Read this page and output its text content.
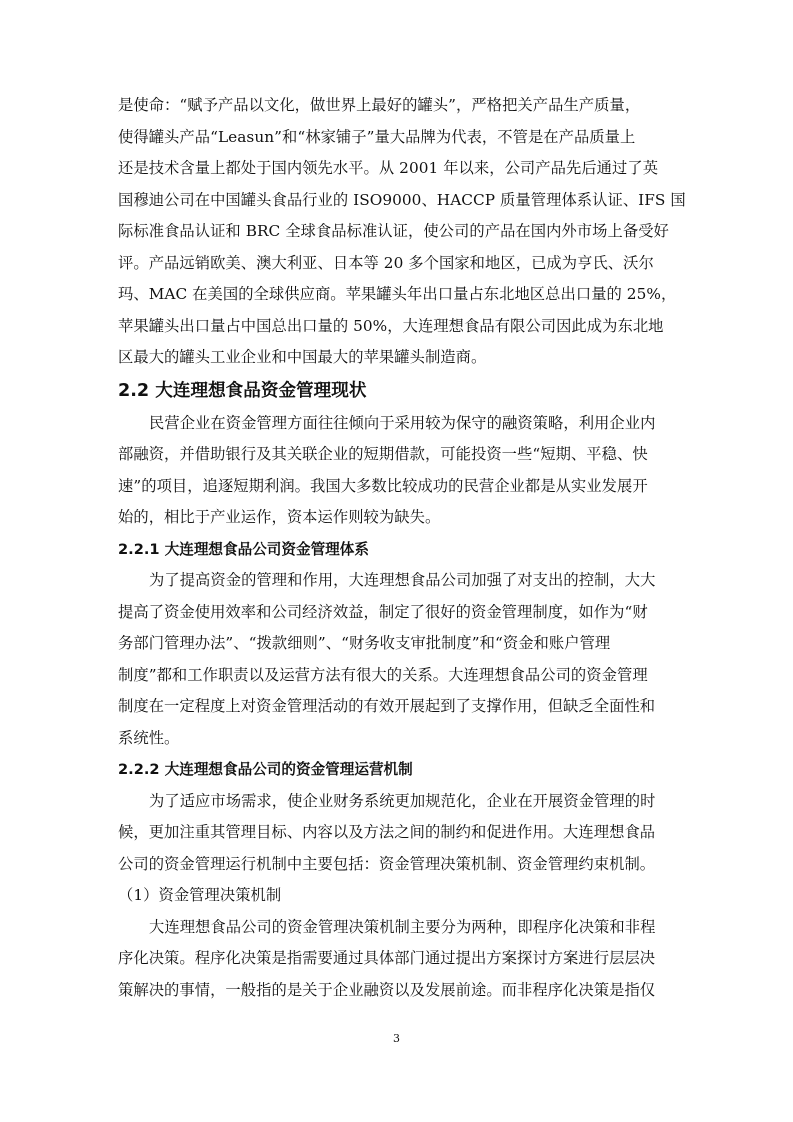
是使命：“赋予产品以文化，做世界上最好的罐头”，严格把关产品生产质量，
使得罐头产品“Leasun”和“林家铺子”量大品牌为代表，不管是在产品质量上
还是技术含量上都处于国内领先水平。从 2001 年以来，公司产品先后通过了英
国穆迪公司在中国罐头食品行业的 ISO9000、HACCP 质量管理体系认证、IFS 国
际标准食品认证和 BRC 全球食品标准认证，使公司的产品在国内外市场上备受好
评。产品远销欧美、澳大利亚、日本等 20 多个国家和地区，已成为亨氏、沃尔
玛、MAC 在美国的全球供应商。苹果罐头年出口量占东北地区总出口量的 25%，
苹果罐头出口量占中国总出口量的 50%，大连理想食品有限公司因此成为东北地
区最大的罐头工业企业和中国最大的苹果罐头制造商。
2.2 大连理想食品资金管理现状
民营企业在资金管理方面往往倾向于采用较为保守的融资策略，利用企业内
部融资，并借助银行及其关联企业的短期借款，可能投资一些“短期、平稳、快
速”的项目，追逐短期利润。我国大多数比较成功的民营企业都是从实业发展开
始的，相比于产业运作，资本运作则较为缺失。
2.2.1 大连理想食品公司资金管理体系
为了提高资金的管理和作用，大连理想食品公司加强了对支出的控制，大大
提高了资金使用效率和公司经济效益，制定了很好的资金管理制度，如作为“财
务部门管理办法”、“拨款细则”、“财务收支审批制度”和“资金和账户管理
制度”都和工作职责以及运营方法有很大的关系。大连理想食品公司的资金管理
制度在一定程度上对资金管理活动的有效开展起到了支撑作用，但缺乏全面性和
系统性。
2.2.2 大连理想食品公司的资金管理运营机制
为了适应市场需求，使企业财务系统更加规范化，企业在开展资金管理的时
候，更加注重其管理目标、内容以及方法之间的制约和促进作用。大连理想食品
公司的资金管理运行机制中主要包括：资金管理决策机制、资金管理约束机制。
（1）资金管理决策机制
大连理想食品公司的资金管理决策机制主要分为两种，即程序化决策和非程
序化决策。程序化决策是指需要通过具体部门通过提出方案探讨方案进行层层决
策解决的事情，一般指的是关于企业融资以及发展前途。而非程序化决策是指仅
3
